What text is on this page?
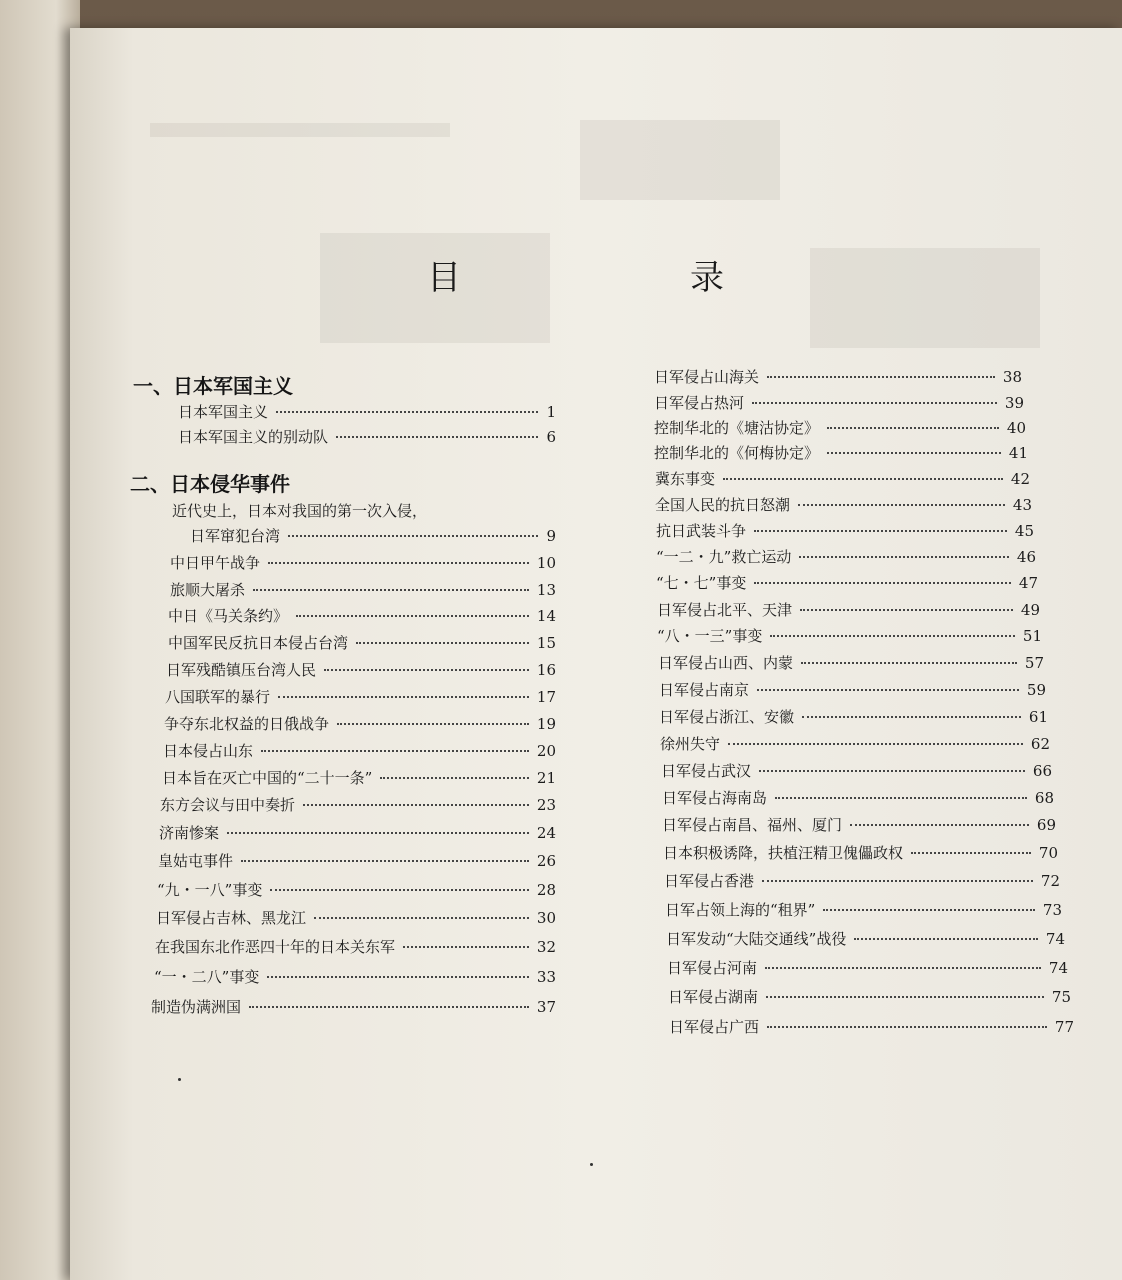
目	录
一、日本军国主义
二、日本侵华事件
日本军国主义	1
日本军国主义的别动队	6
近代史上，日本对我国的第一次入侵，
日军窜犯台湾	9
中日甲午战争	10
旅顺大屠杀	13
中日《马关条约》	14
中国军民反抗日本侵占台湾	15
日军残酷镇压台湾人民	16
八国联军的暴行	17
争夺东北权益的日俄战争	19
日本侵占山东	20
日本旨在灭亡中国的“二十一条”	21
东方会议与田中奏折	23
济南惨案	24
皇姑屯事件	26
“九・一八”事变	28
日军侵占吉林、黑龙江	30
在我国东北作恶四十年的日本关东军	32
“一・二八”事变	33
制造伪满洲国	37
日军侵占山海关	38
日军侵占热河	39
控制华北的《塘沽协定》	40
控制华北的《何梅协定》	41
冀东事变	42
全国人民的抗日怒潮	43
抗日武装斗争	45
“一二・九”救亡运动	46
“七・七”事变	47
日军侵占北平、天津	49
“八・一三”事变	51
日军侵占山西、内蒙	57
日军侵占南京	59
日军侵占浙江、安徽	61
徐州失守	62
日军侵占武汉	66
日军侵占海南岛	68
日军侵占南昌、福州、厦门	69
日本积极诱降，扶植汪精卫傀儡政权	70
日军侵占香港	72
日军占领上海的“租界”	73
日军发动“大陆交通线”战役	74
日军侵占河南	74
日军侵占湖南	75
日军侵占广西	77
